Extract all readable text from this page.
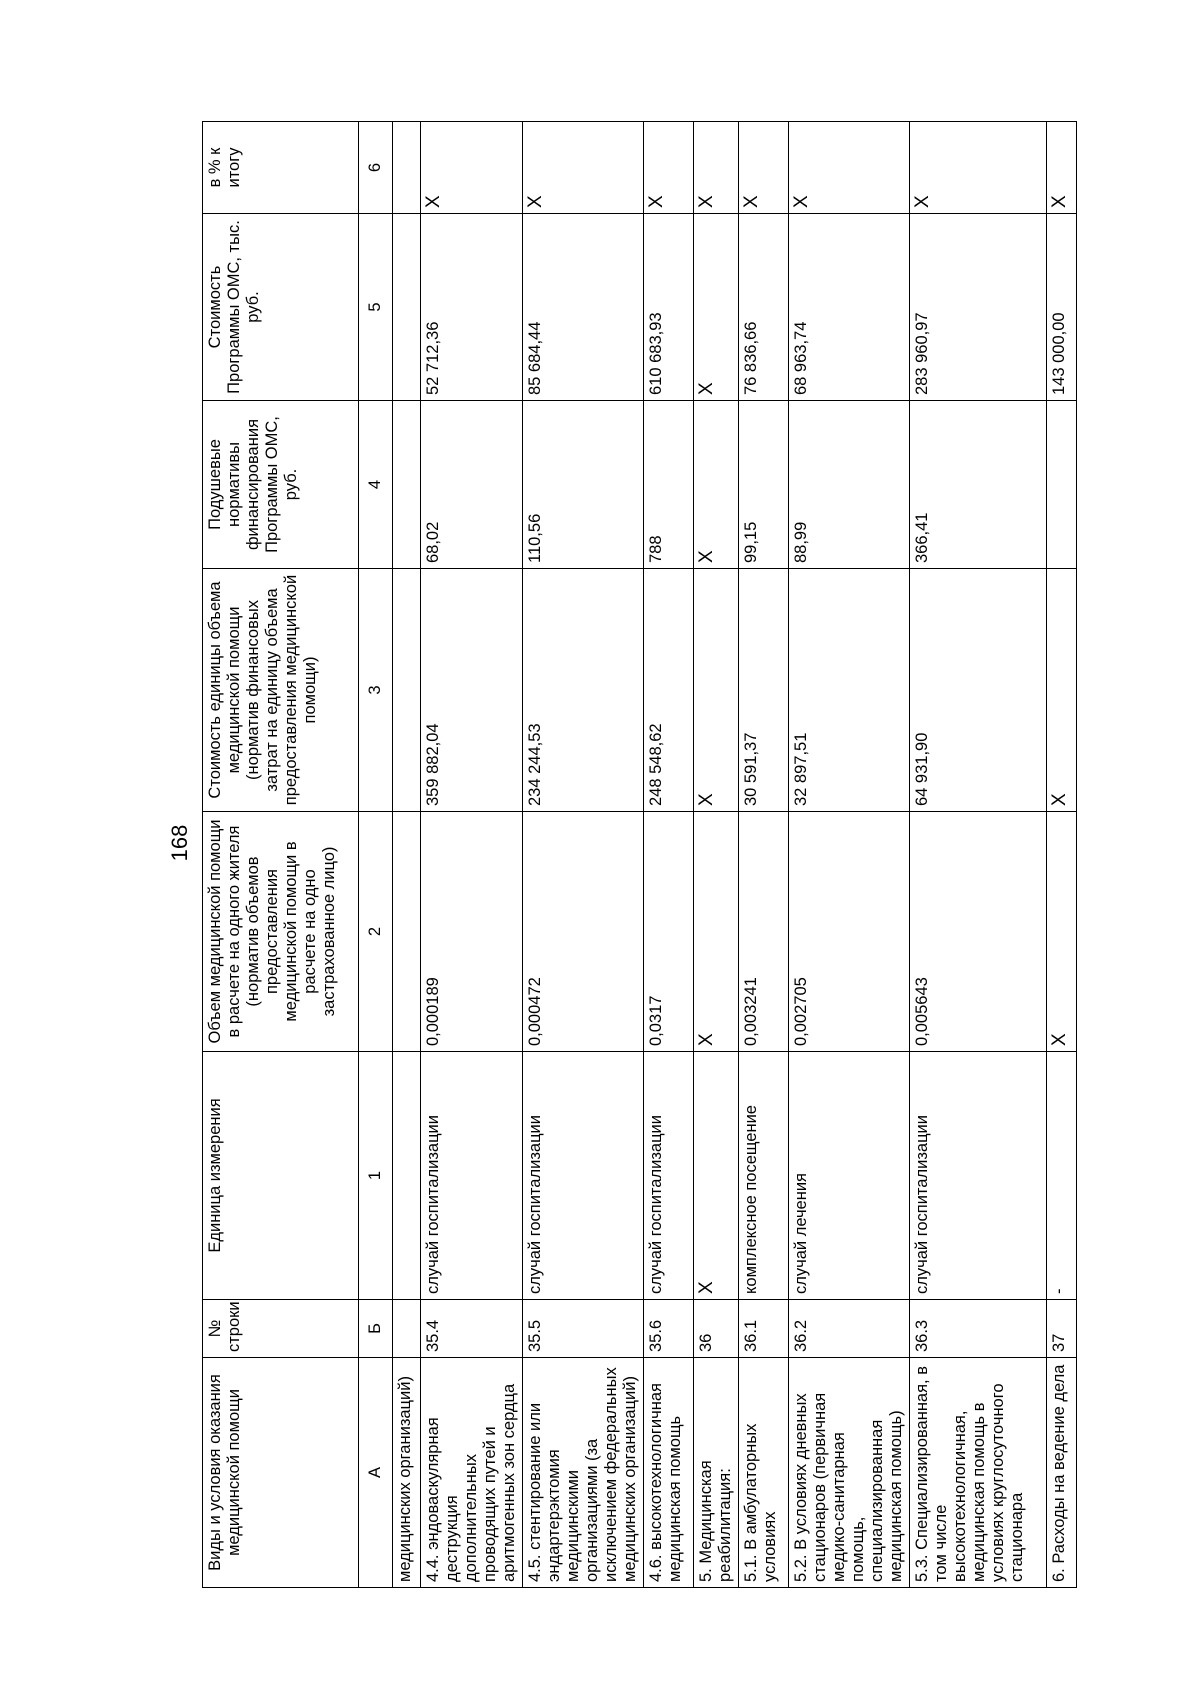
168
Виды и условия оказания медицинской помощи	№ строки	Единица измерения	Объем медицинской помощи в расчете на одного жителя (норматив объемов предоставления медицинской помощи в расчете на одно застрахованное лицо)	Стоимость единицы объема медицинской помощи (норматив финансовых затрат на единицу объема предоставления медицинской помощи)	Подушевые нормативы финансирования Программы ОМС, руб.	Стоимость Программы ОМС, тыс. руб.	в % к итогу
А	Б	1	2	3	4	5	6
медицинских организаций)							
4.4. эндоваскулярная деструкция дополнительных проводящих путей и аритмогенных зон сердца	35.4	случай госпитализации	0,000189	359 882,04	68,02	52 712,36	Х
4.5. стентирование или эндартерэктомия медицинскими организациями (за исключением федеральных медицинских организаций)	35.5	случай госпитализации	0,000472	234 244,53	110,56	85 684,44	Х
4.6. высокотехнологичная медицинская помощь	35.6	случай госпитализации	0,0317	248 548,62	788	610 683,93	Х
5. Медицинская реабилитация:	36	Х	Х	Х	Х	Х	Х
5.1. В амбулаторных условиях	36.1	комплексное посещение	0,003241	30 591,37	99,15	76 836,66	Х
5.2. В условиях дневных стационаров (первичная медико-санитарная помощь, специализированная медицинская помощь)	36.2	случай лечения	0,002705	32 897,51	88,99	68 963,74	Х
5.3. Специализированная, в том числе высокотехнологичная, медицинская помощь в условиях круглосуточного стационара	36.3	случай госпитализации	0,005643	64 931,90	366,41	283 960,97	Х
6. Расходы на ведение дела	37	-	Х	Х		143 000,00	Х
